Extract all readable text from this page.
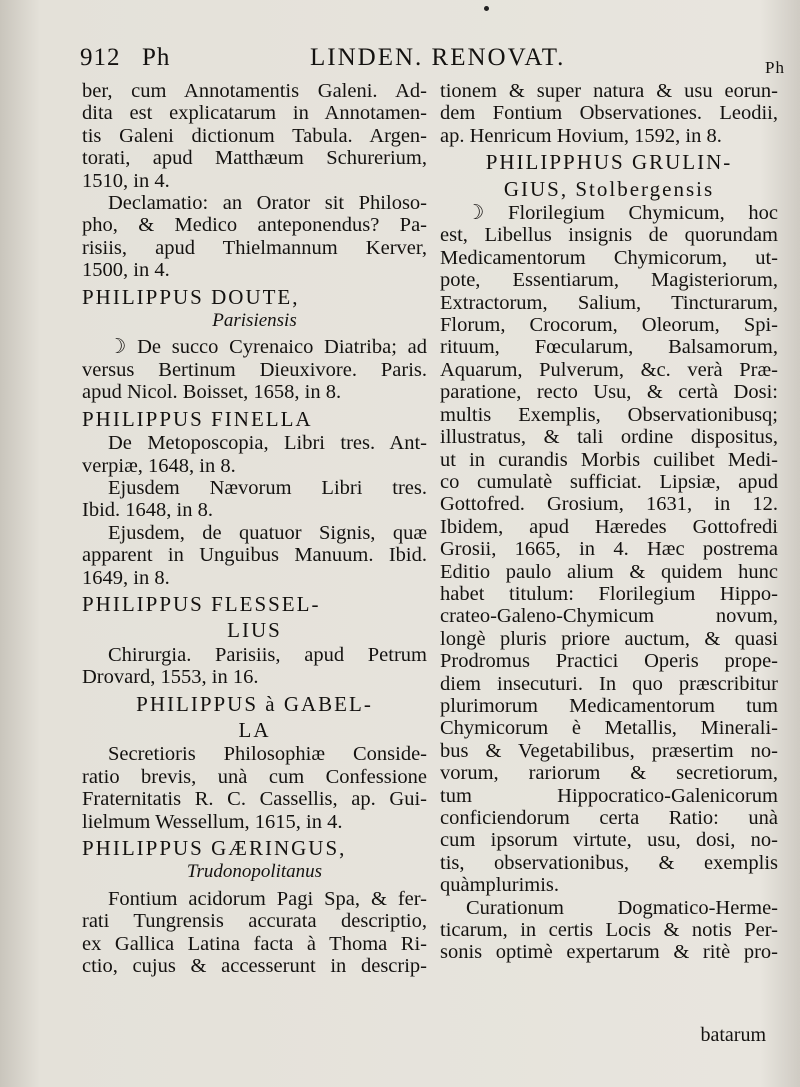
912 Ph	LINDEN. RENOVAT.	Ph
ber, cum Annotamentis Galeni. Ad-
dita est explicatarum in Annotamen-
tis Galeni dictionum Tabula. Argen-
torati, apud Matthæum Schurerium,
1510, in 4.
Declamatio: an Orator sit Philoso-
pho, & Medico anteponendus? Pa-
risiis, apud Thielmannum Kerver,
1500, in 4.
PHILIPPUS DOUTE,
Parisiensis
☽ De succo Cyrenaico Diatriba; ad
versus Bertinum Dieuxivore. Paris.
apud Nicol. Boisset, 1658, in 8.
PHILIPPUS FINELLA
De Metoposcopia, Libri tres. Ant-
verpiæ, 1648, in 8.
Ejusdem Nævorum Libri tres.
Ibid. 1648, in 8.
Ejusdem, de quatuor Signis, quæ
apparent in Unguibus Manuum. Ibid.
1649, in 8.
PHILIPPUS FLESSEL-
LIUS
Chirurgia. Parisiis, apud Petrum
Drovard, 1553, in 16.
PHILIPPUS à GABEL-
LA
Secretioris Philosophiæ Conside-
ratio brevis, unà cum Confessione
Fraternitatis R. C. Cassellis, ap. Gui-
lielmum Wessellum, 1615, in 4.
PHILIPPUS GÆRINGUS,
Trudonopolitanus
Fontium acidorum Pagi Spa, & fer-
rati Tungrensis accurata descriptio,
ex Gallica Latina facta à Thoma Ri-
ctio, cujus & accesserunt in descrip-
tionem & super natura & usu eorun-
dem Fontium Observationes. Leodii,
ap. Henricum Hovium, 1592, in 8.
PHILIPPHUS GRULIN-
GIUS, Stolbergensis
☽ Florilegium Chymicum, hoc
est, Libellus insignis de quorundam
Medicamentorum Chymicorum, ut-
pote, Essentiarum, Magisteriorum,
Extractorum, Salium, Tincturarum,
Florum, Crocorum, Oleorum, Spi-
rituum, Fœcularum, Balsamorum,
Aquarum, Pulverum, &c. verà Præ-
paratione, recto Usu, & certà Dosi:
multis Exemplis, Observationibusq;
illustratus, & tali ordine dispositus,
ut in curandis Morbis cuilibet Medi-
co cumulatè sufficiat. Lipsiæ, apud
Gottofred. Grosium, 1631, in 12.
Ibidem, apud Hæredes Gottofredi
Grosii, 1665, in 4. Hæc postrema
Editio paulo alium & quidem hunc
habet titulum: Florilegium Hippo-
crateo-Galeno-Chymicum novum,
longè pluris priore auctum, & quasi
Prodromus Practici Operis prope-
diem insecuturi. In quo præscribitur
plurimorum Medicamentorum tum
Chymicorum è Metallis, Minerali-
bus & Vegetabilibus, præsertim no-
vorum, rariorum & secretiorum,
tum Hippocratico-Galenicorum
conficiendorum certa Ratio: unà
cum ipsorum virtute, usu, dosi, no-
tis, observationibus, & exemplis
quàmplurimis.
Curationum Dogmatico-Herme-
ticarum, in certis Locis & notis Per-
sonis optimè expertarum & ritè pro-
batarum
